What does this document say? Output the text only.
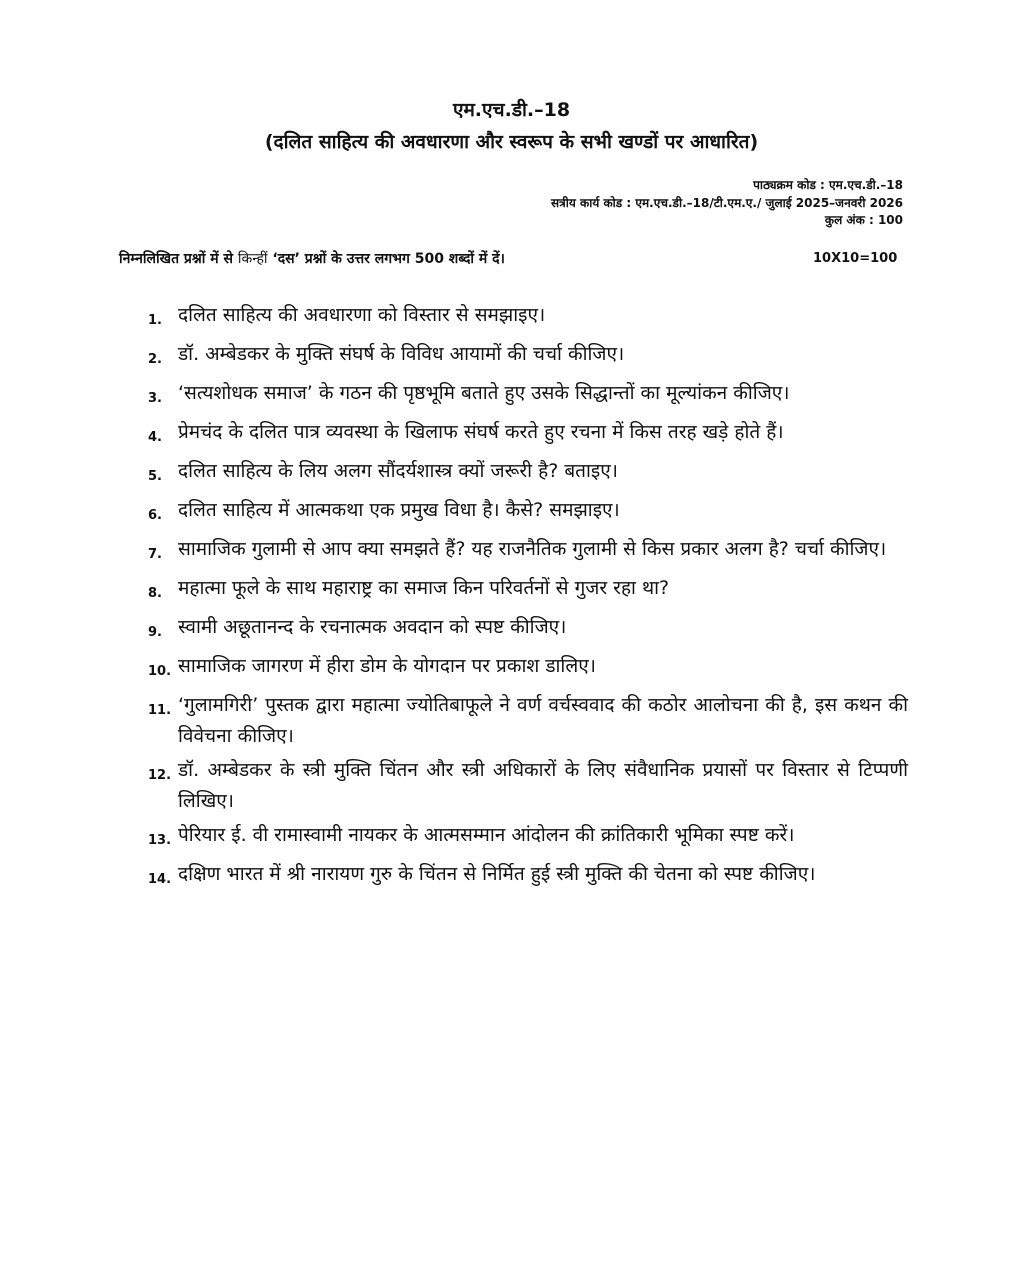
एम.एच.डी.–18
(दलित साहित्य की अवधारणा और स्वरूप के सभी खण्डों पर आधारित)
पाठ्यक्रम कोड : एम.एच.डी.–18
सत्रीय कार्य कोड : एम.एच.डी.–18/टी.एम.ए./ जुलाई 2025–जनवरी 2026
कुल अंक : 100
निम्नलिखित प्रश्नों में से किन्हीं ‘दस’ प्रश्नों के उत्तर लगभग 500 शब्दों में दें।	10X10=100
1. दलित साहित्य की अवधारणा को विस्तार से समझाइए।
2. डॉ. अम्बेडकर के मुक्ति संघर्ष के विविध आयामों की चर्चा कीजिए।
3. ‘सत्यशोधक समाज’ के गठन की पृष्ठभूमि बताते हुए उसके सिद्धान्तों का मूल्यांकन कीजिए।
4. प्रेमचंद के दलित पात्र व्यवस्था के खिलाफ संघर्ष करते हुए रचना में किस तरह खड़े होते हैं।
5. दलित साहित्य के लिय अलग सौंदर्यशास्त्र क्यों जरूरी है? बताइए।
6. दलित साहित्य में आत्मकथा एक प्रमुख विधा है। कैसे? समझाइए।
7. सामाजिक गुलामी से आप क्या समझते हैं? यह राजनैतिक गुलामी से किस प्रकार अलग है? चर्चा कीजिए।
8. महात्मा फूले के साथ महाराष्ट्र का समाज किन परिवर्तनों से गुजर रहा था?
9. स्वामी अछूतानन्द के रचनात्मक अवदान को स्पष्ट कीजिए।
10. सामाजिक जागरण में हीरा डोम के योगदान पर प्रकाश डालिए।
11. ‘गुलामगिरी’ पुस्तक द्वारा महात्मा ज्योतिबाफूले ने वर्ण वर्चस्ववाद की कठोर आलोचना की है, इस कथन की विवेचना कीजिए।
12. डॉ. अम्बेडकर के स्त्री मुक्ति चिंतन और स्त्री अधिकारों के लिए संवैधानिक प्रयासों पर विस्तार से टिप्पणी लिखिए।
13. पेरियार ई. वी रामास्वामी नायकर के आत्मसम्मान आंदोलन की क्रांतिकारी भूमिका स्पष्ट करें।
14. दक्षिण भारत में श्री नारायण गुरु के चिंतन से निर्मित हुई स्त्री मुक्ति की चेतना को स्पष्ट कीजिए।
